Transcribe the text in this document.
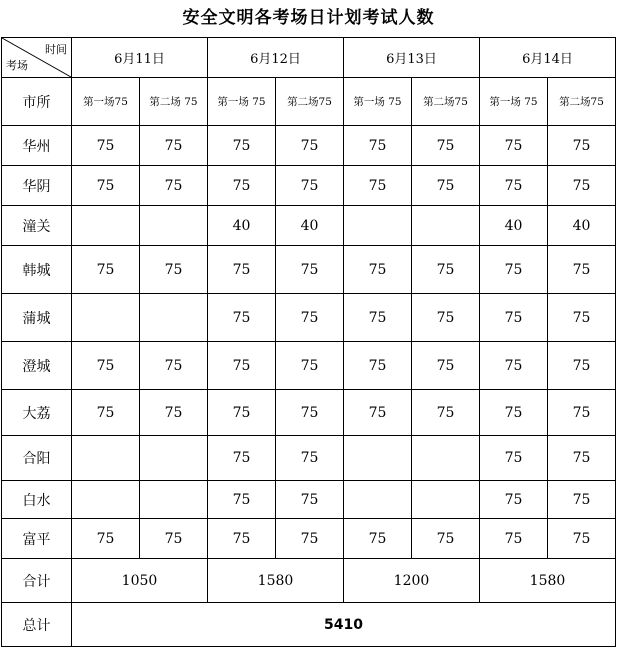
安全文明各考场日计划考试人数
时间
考场	6月11日		6月12日		6月13日		6月14日	
市所	第一场75	第二场 75	第一场 75	第二场75	第一场 75	第二场75	第一场 75	第二场75
华州	75	75	75	75	75	75	75	75
华阴	75	75	75	75	75	75	75	75
潼关			40	40			40	40
韩城	75	75	75	75	75	75	75	75
蒲城			75	75	75	75	75	75
澄城	75	75	75	75	75	75	75	75
大荔	75	75	75	75	75	75	75	75
合阳			75	75			75	75
白水			75	75			75	75
富平	75	75	75	75	75	75	75	75
合计	1050		1580		1200		1580	
总计	5410							
